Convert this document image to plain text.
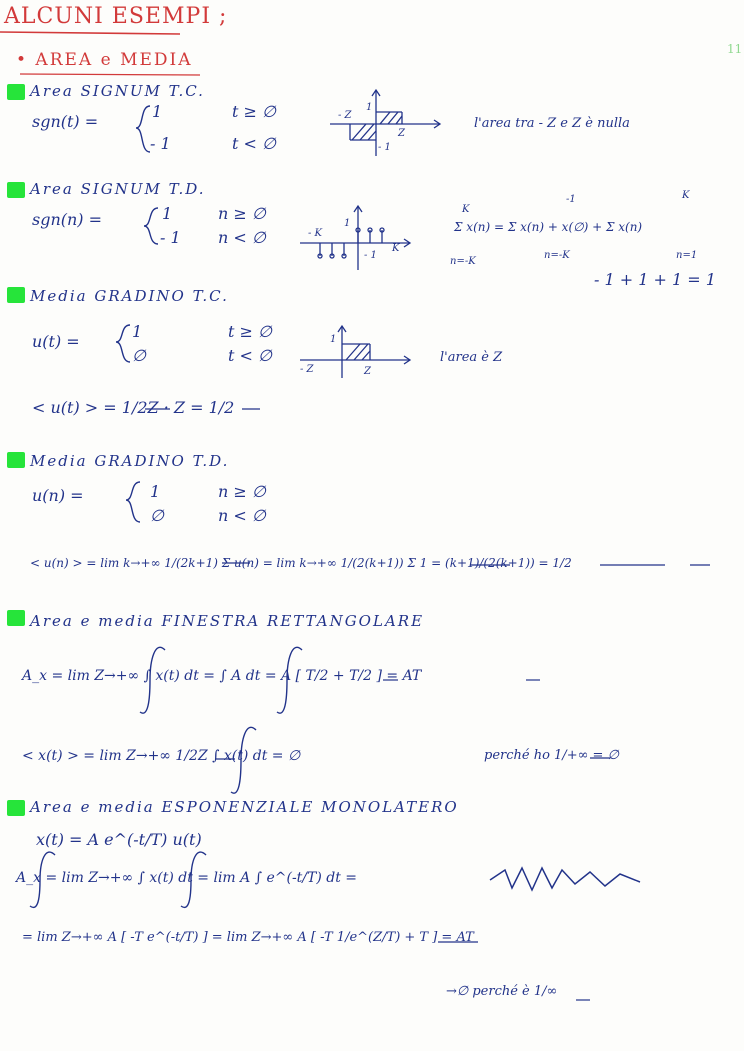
ALCUNI ESEMPI ;
• AREA e MEDIA
11
Area SIGNUM T.C.
sgn(t) =
1	t ≥ ∅
- 1	t < ∅
- Z
1
Z
- 1
l'area tra - Z e Z è nulla
Area SIGNUM T.D.
sgn(n) =	1	n ≥ ∅
- 1 n < ∅	- K
1
K
- 1
Σ x(n) = Σ x(n) + x(∅) + Σ x(n)
K
n=-K
-1
n=-K
K
n=1
- 1 + 1 + 1 = 1
Media GRADINO T.C.
u(t) =
1	t ≥ ∅
∅	t < ∅
1
- Z	Z
l'area è Z
< u(t) > = 1/2Z · Z = 1/2
Media GRADINO T.D.
u(n) =	1	n ≥ ∅
∅	n < ∅
< u(n) > = lim k→+∞ 1/(2k+1) Σ u(n) = lim k→+∞ 1/(2(k+1)) Σ 1 = (k+1)/(2(k+1)) = 1/2
Area e media FINESTRA RETTANGOLARE
A_x = lim Z→+∞ ∫ x(t) dt = ∫ A dt = A [ T/2 + T/2 ] = AT
< x(t) > = lim Z→+∞ 1/2Z ∫ x(t) dt = ∅	perché ho 1/+∞ = ∅
Area e media ESPONENZIALE MONOLATERO
x(t) = A e^(-t/T) u(t)
A_x = lim Z→+∞ ∫ x(t) dt = lim A ∫ e^(-t/T) dt =
= lim Z→+∞ A [ -T e^(-t/T) ] = lim Z→+∞ A [ -T 1/e^(Z/T) + T ] = AT
→∅ perché è 1/∞
